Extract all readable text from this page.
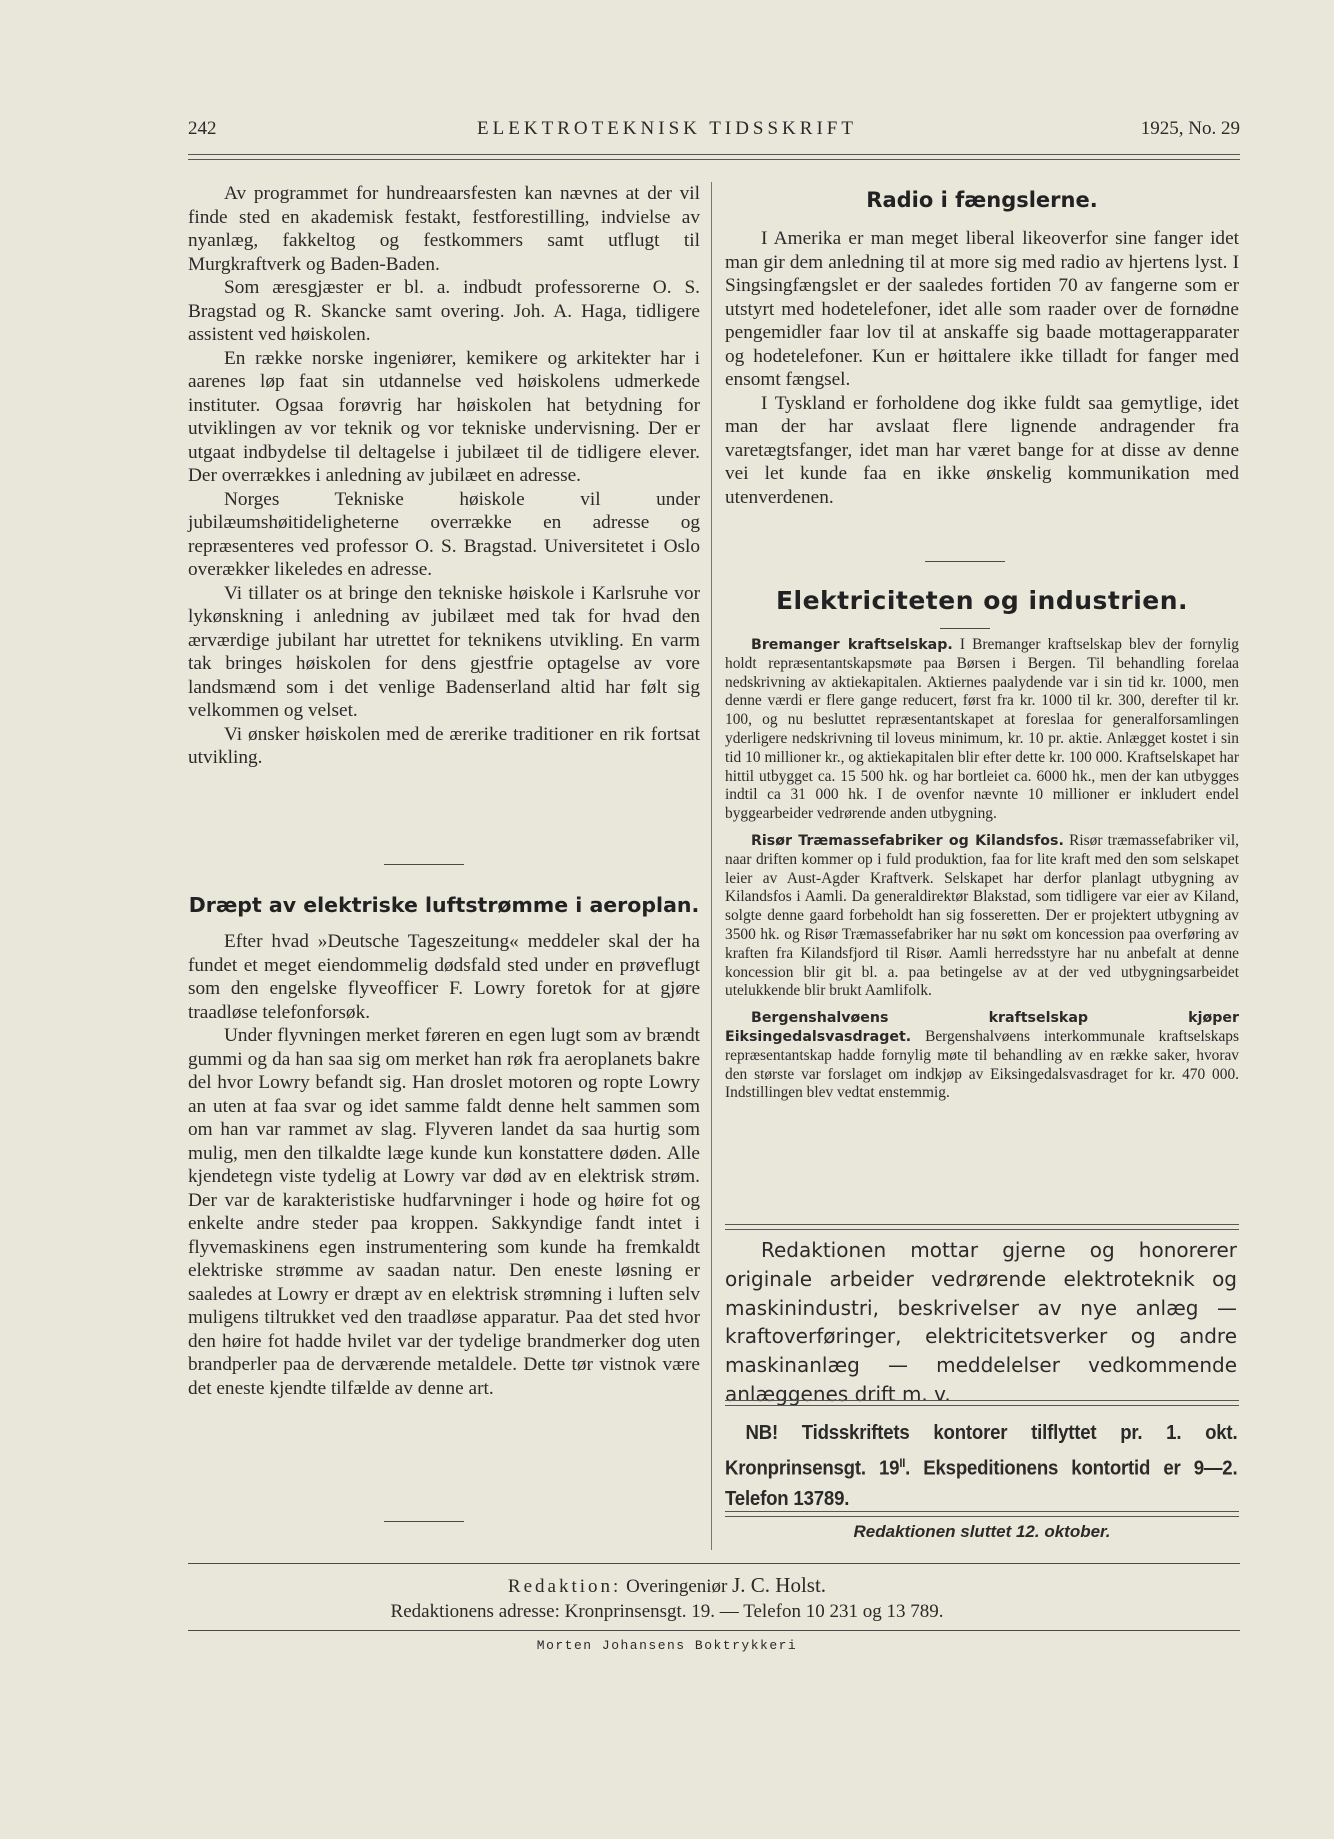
242	ELEKTROTEKNISK TIDSSKRIFT	1925, No. 29

Av programmet for hundreaarsfesten kan nævnes at der vil finde sted en akademisk festakt, festforestilling, indvielse av nyanlæg, fakkeltog og festkommers samt utflugt til Murgkraftverk og Baden-Baden.

Som æresgjæster er bl. a. indbudt professorerne O. S. Bragstad og R. Skancke samt overing. Joh. A. Haga, tidligere assistent ved høiskolen.

En række norske ingeniører, kemikere og arkitekter har i aarenes løp faat sin utdannelse ved høiskolens udmerkede instituter. Ogsaa forøvrig har høiskolen hat betydning for utviklingen av vor teknik og vor tekniske undervisning. Der er utgaat indbydelse til deltagelse i jubilæet til de tidligere elever. Der overrækkes i anledning av jubilæet en adresse.

Norges Tekniske høiskole vil under jubilæumshøitideligheterne overrække en adresse og repræsenteres ved professor O. S. Bragstad. Universitetet i Oslo overækker likeledes en adresse.

Vi tillater os at bringe den tekniske høiskole i Karlsruhe vor lykønskning i anledning av jubilæet med tak for hvad den ærværdige jubilant har utrettet for teknikens utvikling. En varm tak bringes høiskolen for dens gjestfrie optagelse av vore landsmænd som i det venlige Badenserland altid har følt sig velkommen og velset.

Vi ønsker høiskolen med de ærerike traditioner en rik fortsat utvikling.

Dræpt av elektriske luftstrømme i aeroplan.

Efter hvad »Deutsche Tageszeitung« meddeler skal der ha fundet et meget eiendommelig dødsfald sted under en prøveflugt som den engelske flyveofficer F. Lowry foretok for at gjøre traadløse telefonforsøk.

Under flyvningen merket føreren en egen lugt som av brændt gummi og da han saa sig om merket han røk fra aeroplanets bakre del hvor Lowry befandt sig. Han droslet motoren og ropte Lowry an uten at faa svar og idet samme faldt denne helt sammen som om han var rammet av slag. Flyveren landet da saa hurtig som mulig, men den tilkaldte læge kunde kun konstattere døden. Alle kjendetegn viste tydelig at Lowry var død av en elektrisk strøm. Der var de karakteristiske hudfarvninger i hode og høire fot og enkelte andre steder paa kroppen. Sakkyndige fandt intet i flyvemaskinens egen instrumentering som kunde ha fremkaldt elektriske strømme av saadan natur. Den eneste løsning er saaledes at Lowry er dræpt av en elektrisk strømning i luften selv muligens tiltrukket ved den traadløse apparatur. Paa det sted hvor den høire fot hadde hvilet var der tydelige brandmerker dog uten brandperler paa de derværende metaldele. Dette tør vistnok være det eneste kjendte tilfælde av denne art.

Radio i fængslerne.

I Amerika er man meget liberal likeoverfor sine fanger idet man gir dem anledning til at more sig med radio av hjertens lyst. I Singsingfængslet er der saaledes fortiden 70 av fangerne som er utstyrt med hodetelefoner, idet alle som raader over de fornødne pengemidler faar lov til at anskaffe sig baade mottagerapparater og hodetelefoner. Kun er høittalere ikke tilladt for fanger med ensomt fængsel.

I Tyskland er forholdene dog ikke fuldt saa gemytlige, idet man der har avslaat flere lignende andragender fra varetægtsfanger, idet man har været bange for at disse av denne vei let kunde faa en ikke ønskelig kommunikation med utenverdenen.

Elektriciteten og industrien.

Bremanger kraftselskap. I Bremanger kraftselskap blev der fornylig holdt repræsentantskapsmøte paa Børsen i Bergen. Til behandling forelaa nedskrivning av aktiekapitalen. Aktiernes paalydende var i sin tid kr. 1000, men denne værdi er flere gange reducert, først fra kr. 1000 til kr. 300, derefter til kr. 100, og nu besluttet repræsentantskapet at foreslaa for generalforsamlingen yderligere nedskrivning til loveus minimum, kr. 10 pr. aktie. Anlægget kostet i sin tid 10 millioner kr., og aktiekapitalen blir efter dette kr. 100 000. Kraftselskapet har hittil utbygget ca. 15 500 hk. og har bortleiet ca. 6000 hk., men der kan utbygges indtil ca 31 000 hk. I de ovenfor nævnte 10 millioner er inkludert endel byggearbeider vedrørende anden utbygning.

Risør Træmassefabriker og Kilandsfos. Risør træmassefabriker vil, naar driften kommer op i fuld produktion, faa for lite kraft med den som selskapet leier av Aust-Agder Kraftverk. Selskapet har derfor planlagt utbygning av Kilandsfos i Aamli. Da generaldirektør Blakstad, som tidligere var eier av Kiland, solgte denne gaard forbeholdt han sig fosseretten. Der er projektert utbygning av 3500 hk. og Risør Træmassefabriker har nu søkt om koncession paa overføring av kraften fra Kilandsfjord til Risør. Aamli herredsstyre har nu anbefalt at denne koncession blir git bl. a. paa betingelse av at der ved utbygningsarbeidet utelukkende blir brukt Aamlifolk.

Bergenshalvøens kraftselskap kjøper Eiksingedalsvasdraget. Bergenshalvøens interkommunale kraftselskaps repræsentantskap hadde fornylig møte til behandling av en række saker, hvorav den største var forslaget om indkjøp av Eiksingedalsvasdraget for kr. 470 000. Indstillingen blev vedtat enstemmig.

Redaktionen mottar gjerne og honorerer originale arbeider vedrørende elektroteknik og maskinindustri, beskrivelser av nye anlæg — kraftoverføringer, elektricitetsverker og andre maskinanlæg — meddelelser vedkommende anlæggenes drift m. v.

NB! Tidsskriftets kontorer tilflyttet pr. 1. okt. Kronprinsensgt. $19^{II}$. Ekspeditionens kontortid er 9—2. Telefon 13789.

Redaktionen sluttet 12. oktober.
Redaktion: Overingeniør J. C. Holst.
Redaktionens adresse: Kronprinsensgt. 19. — Telefon 10 231 og 13 789.
Morten Johansens Boktrykkeri
